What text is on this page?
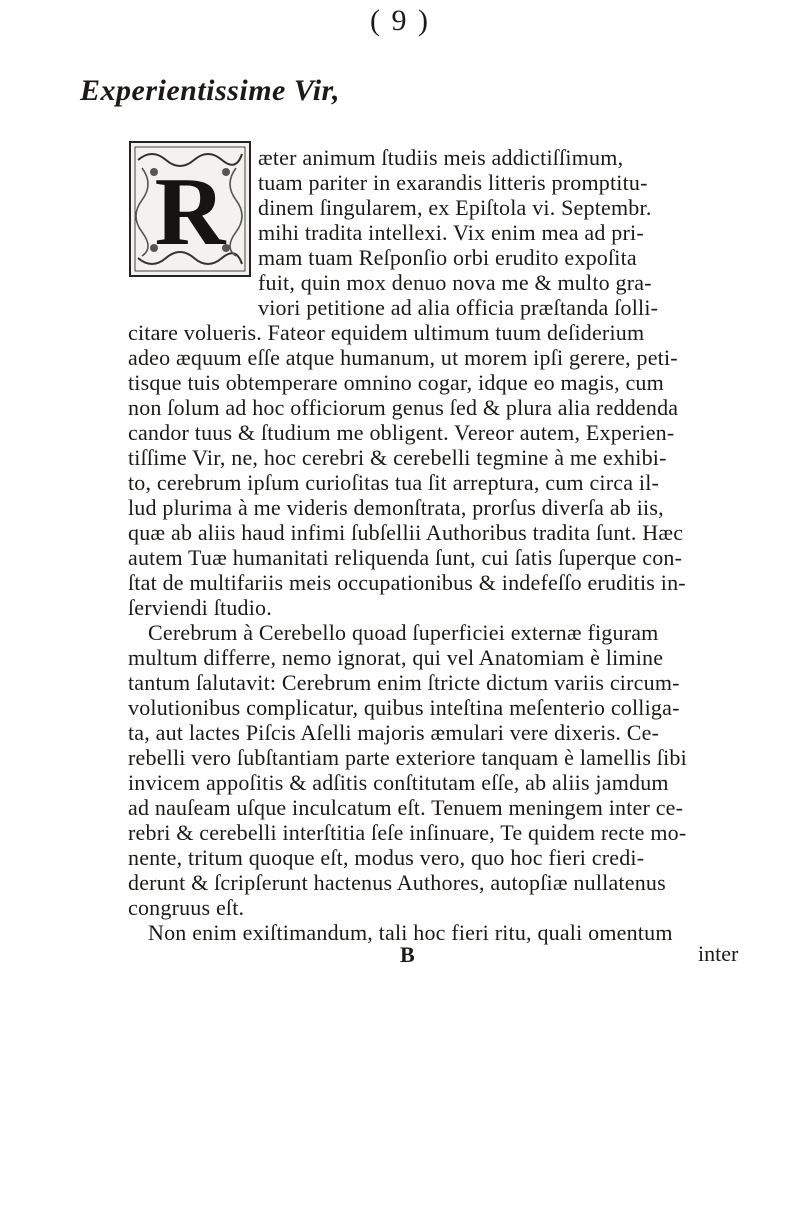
( 9 )
Experientissime Vir,
R
æter animum ſtudiis meis addictiſſimum,
tuam pariter in exarandis litteris promptitu-
dinem ſingularem, ex Epiſtola vi. Septembr.
mihi tradita intellexi. Vix enim mea ad pri-
mam tuam Reſponſio orbi erudito expoſita
fuit, quin mox denuo nova me & multo gra-
viori petitione ad alia officia præſtanda ſolli-
citare volueris. Fateor equidem ultimum tuum deſiderium
adeo æquum eſſe atque humanum, ut morem ipſi gerere, peti-
tisque tuis obtemperare omnino cogar, idque eo magis, cum
non ſolum ad hoc officiorum genus ſed & plura alia reddenda
candor tuus & ſtudium me obligent. Vereor autem, Experien-
tiſſime Vir, ne, hoc cerebri & cerebelli tegmine à me exhibi-
to, cerebrum ipſum curioſitas tua ſit arreptura, cum circa il-
lud plurima à me videris demonſtrata, prorſus diverſa ab iis,
quæ ab aliis haud infimi ſubſellii Authoribus tradita ſunt. Hæc
autem Tuæ humanitati reliquenda ſunt, cui ſatis ſuperque con-
ſtat de multifariis meis occupationibus & indefeſſo eruditis in-
ſerviendi ſtudio.
Cerebrum à Cerebello quoad ſuperficiei externæ figuram
multum differre, nemo ignorat, qui vel Anatomiam è limine
tantum ſalutavit: Cerebrum enim ſtricte dictum variis circum-
volutionibus complicatur, quibus inteſtina meſenterio colliga-
ta, aut lactes Piſcis Aſelli majoris æmulari vere dixeris. Ce-
rebelli vero ſubſtantiam parte exteriore tanquam è lamellis ſibi
invicem appoſitis & adſitis conſtitutam eſſe, ab aliis jamdum
ad nauſeam uſque inculcatum eſt. Tenuem meningem inter ce-
rebri & cerebelli interſtitia ſeſe inſinuare, Te quidem recte mo-
nente, tritum quoque eſt, modus vero, quo hoc fieri credi-
derunt & ſcripſerunt hactenus Authores, autopſiæ nullatenus
congruus eſt.
Non enim exiſtimandum, tali hoc fieri ritu, quali omentum
inter
B
